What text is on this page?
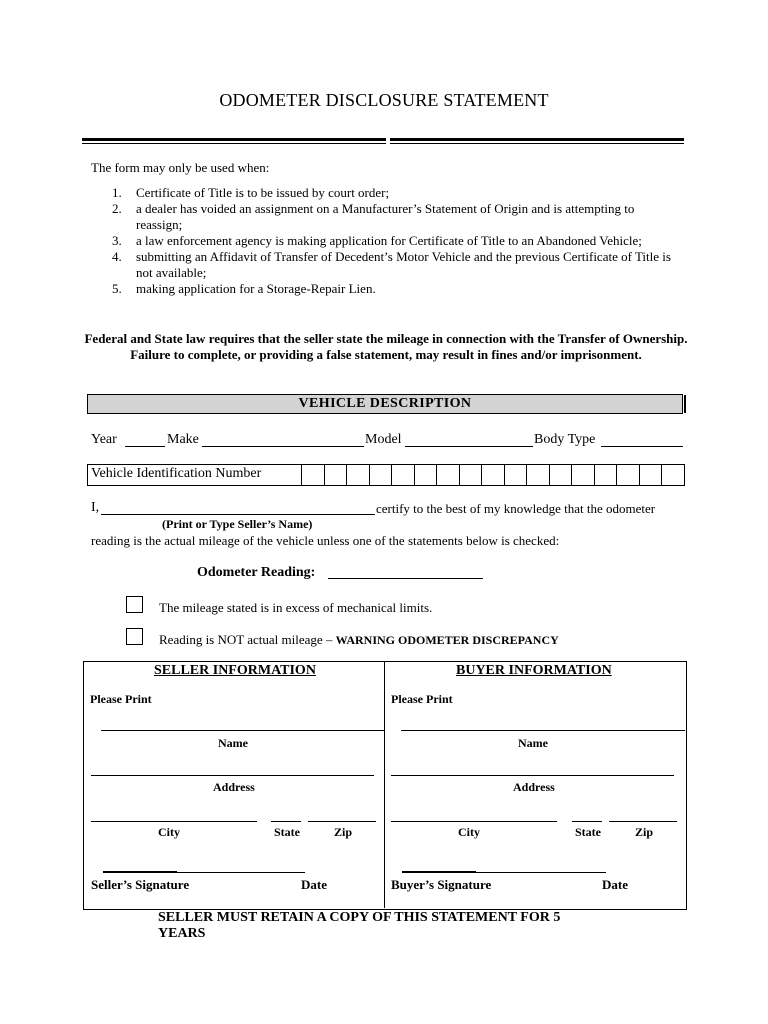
ODOMETER DISCLOSURE STATEMENT
The form may only be used when:
1. Certificate of Title is to be issued by court order;
2. a dealer has voided an assignment on a Manufacturer’s Statement of Origin and is attempting to reassign;
3. a law enforcement agency is making application for Certificate of Title to an Abandoned Vehicle;
4. submitting an Affidavit of Transfer of Decedent’s Motor Vehicle and the previous Certificate of Title is not available;
5. making application for a Storage-Repair Lien.
Federal and State law requires that the seller state the mileage in connection with the Transfer of Ownership. Failure to complete, or providing a false statement, may result in fines and/or imprisonment.
VEHICLE DESCRIPTION
Year	Make	Model	Body Type
Vehicle Identification Number
I,	certify to the best of my knowledge that the odometer
(Print or Type Seller’s Name)
reading is the actual mileage of the vehicle unless one of the statements below is checked:
Odometer Reading:
The mileage stated is in excess of mechanical limits.
Reading is NOT actual mileage – WARNING ODOMETER DISCREPANCY
SELLER INFORMATION
Please Print
Name
Address
City	State	Zip
Seller’s Signature	Date
BUYER INFORMATION
Please Print
Name
Address
City	State	Zip
Buyer’s Signature	Date
SELLER MUST RETAIN A COPY OF THIS STATEMENT FOR 5 YEARS
